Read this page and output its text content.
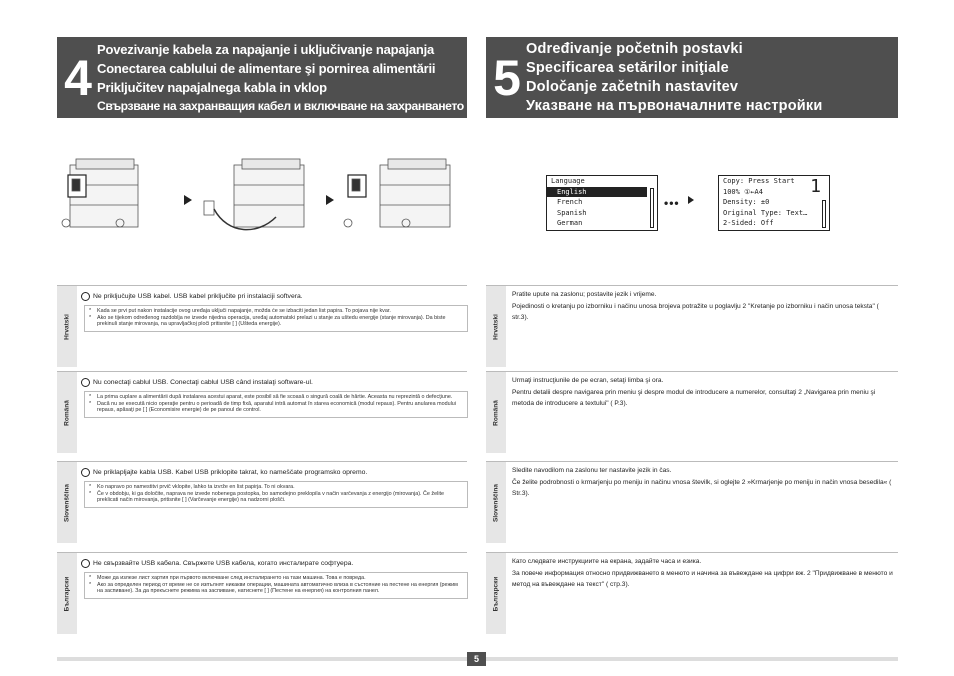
4
Povezivanje kabela za napajanje i uključivanje napajanja
Conectarea cablului de alimentare şi pornirea alimentării
Priključitev napajalnega kabla in vklop
Свързване на захранващия кабел и включване на захранването 5
Određivanje početnih postavki
Specificarea setărilor iniţiale
Določanje začetnih nastavitev
Указване на първоначалните настройки
Language
English
French
Spanish
German
•••
Copy: Press Start
100% ①←A4
Density: ±0
Original Type: Text…
2-Sided: Off
1
Hrvatski
Ne priključujte USB kabel. USB kabel priključite pri instalaciji softvera.
*	Kada se prvi put nakon instalacije ovog uređaja uključi napajanje, možda će se izbaciti jedan list papira. To pojava nije kvar.
*	Ako se tijekom određenog razdoblja ne izvede nijedna operacija, uređaj automatski prelazi u stanje za uštedu energije (stanje mirovanja). Da biste prekinuli stanje mirovanja, na upravljačkoj ploči pritisnite [ ] (Ušteda energije).
Română
Nu conectaţi cablul USB. Conectaţi cablul USB când instalaţi software-ul.
*	La prima cuplare a alimentării după instalarea acestui aparat, este posibil să fie scoasă o singură coală de hârtie. Aceasta nu reprezintă o defecţiune.
*	Dacă nu se execută nicio operaţie pentru o perioadă de timp fixă, aparatul intră automat în starea economică (modul repaus). Pentru anularea modului repaus, apăsaţi pe [ ] (Economisire energie) de pe panoul de control.
Slovenščina
Ne priklapljajte kabla USB. Kabel USB priklopite takrat, ko nameščate programsko opremo.
*	Ko napravo po namestitvi prvič vklopite, lahko ta izvrže en list papirja. To ni okvara.
*	Če v obdobju, ki ga določite, naprava ne izvede nobenega postopka, bo samodejno preklopila v način varčevanja z energijo (mirovanja). Če želite preklicati način mirovanja, pritisnite [ ] (Varčevanje energije) na nadzorni plošči.
Български
Не свързвайте USB кабела. Свържете USB кабела, когато инсталирате софтуера.
*	Може да излезе лист хартия при първото включване след инсталирането на тази машина. Това е повреда.
*	Ако за определен период от време не се изпълнят никакви операции, машината автоматично влиза в състояние на пестене на енергия (режим на заспиване). За да прекъснете режима на заспиване, натиснете [ ] (Пестене на енергия) на контролния панел.
Hrvatski
Pratite upute na zaslonu; postavite jezik i vrijeme.
Pojedinosti o kretanju po izborniku i načinu unosa brojeva potražite u poglavlju 2 "Kretanje po izborniku i način unosa teksta" ( str.3).
Română
Urmaţi instrucţiunile de pe ecran, setaţi limba şi ora.
Pentru detalii despre navigarea prin meniu şi despre modul de introducere a numerelor, consultaţi 2 „Navigarea prin meniu şi metoda de introducere a textului" ( P.3).
Slovenščina
Sledite navodilom na zaslonu ter nastavite jezik in čas.
Če želite podrobnosti o krmarjenju po meniju in načinu vnosa številk, si oglejte 2 »Krmarjenje po meniju in način vnosa besedila« ( Str.3).
Български
Като следвате инструкциите на екрана, задайте часа и езика.
За повече информация относно придвижването в менюто и начина за въвеждане на цифри вж. 2 "Придвижване в менюто и метод на въвеждане на текст" ( стр.3).
5
